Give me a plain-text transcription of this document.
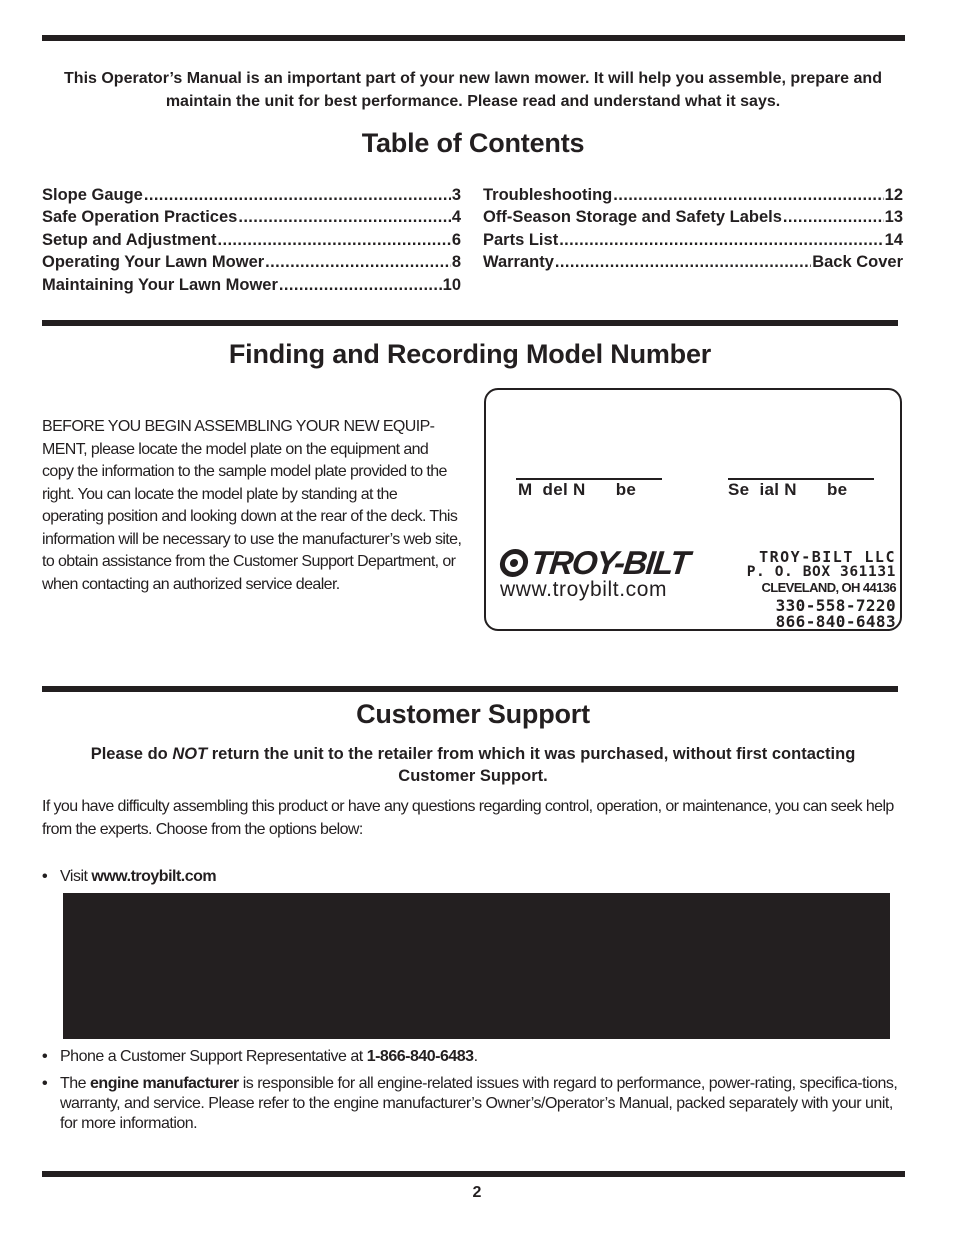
This Operator’s Manual is an important part of your new lawn mower. It will help you assemble, prepare and maintain the unit for best performance. Please read and understand what it says.
Table of Contents
Slope Gauge .....	3
Safe Operation Practices .....	4
Setup and Adjustment .....	6
Operating Your Lawn Mower .....	8
Maintaining Your Lawn Mower .....	10
Troubleshooting .....	12
Off-Season Storage and Safety Labels .....	13
Parts List .....	14
Warranty .....	Back Cover
Finding and Recording Model Number
BEFORE YOU BEGIN ASSEMBLING YOUR NEW EQUIP-MENT, please locate the model plate on the equipment and copy the information to the sample model plate provided to the right. You can locate the model plate by standing at the operating position and looking down at the rear of the deck. This information will be necessary to use the manufacturer’s web site, to obtain assistance from the Customer Support Department, or when contacting an authorized service dealer.
M  del N      be	Se  ial N      be
TROY-BILT
www.troybilt.com
TROY-BILT LLC
P. O. BOX 361131
CLEVELAND, OH 44136
330-558-7220
866-840-6483
Customer Support
Please do NOT return the unit to the retailer from which it was purchased, without first contacting Customer Support.
If you have difficulty assembling this product or have any questions regarding control, operation, or maintenance, you can seek help from the experts. Choose from the options below:
• Visit www.troybilt.com
• Phone a Customer Support Representative at 1-866-840-6483.
• The engine manufacturer is responsible for all engine-related issues with regard to performance, power-rating, specifica-tions, warranty, and service. Please refer to the engine manufacturer’s Owner’s/Operator’s Manual, packed separately with your unit, for more information.
2
